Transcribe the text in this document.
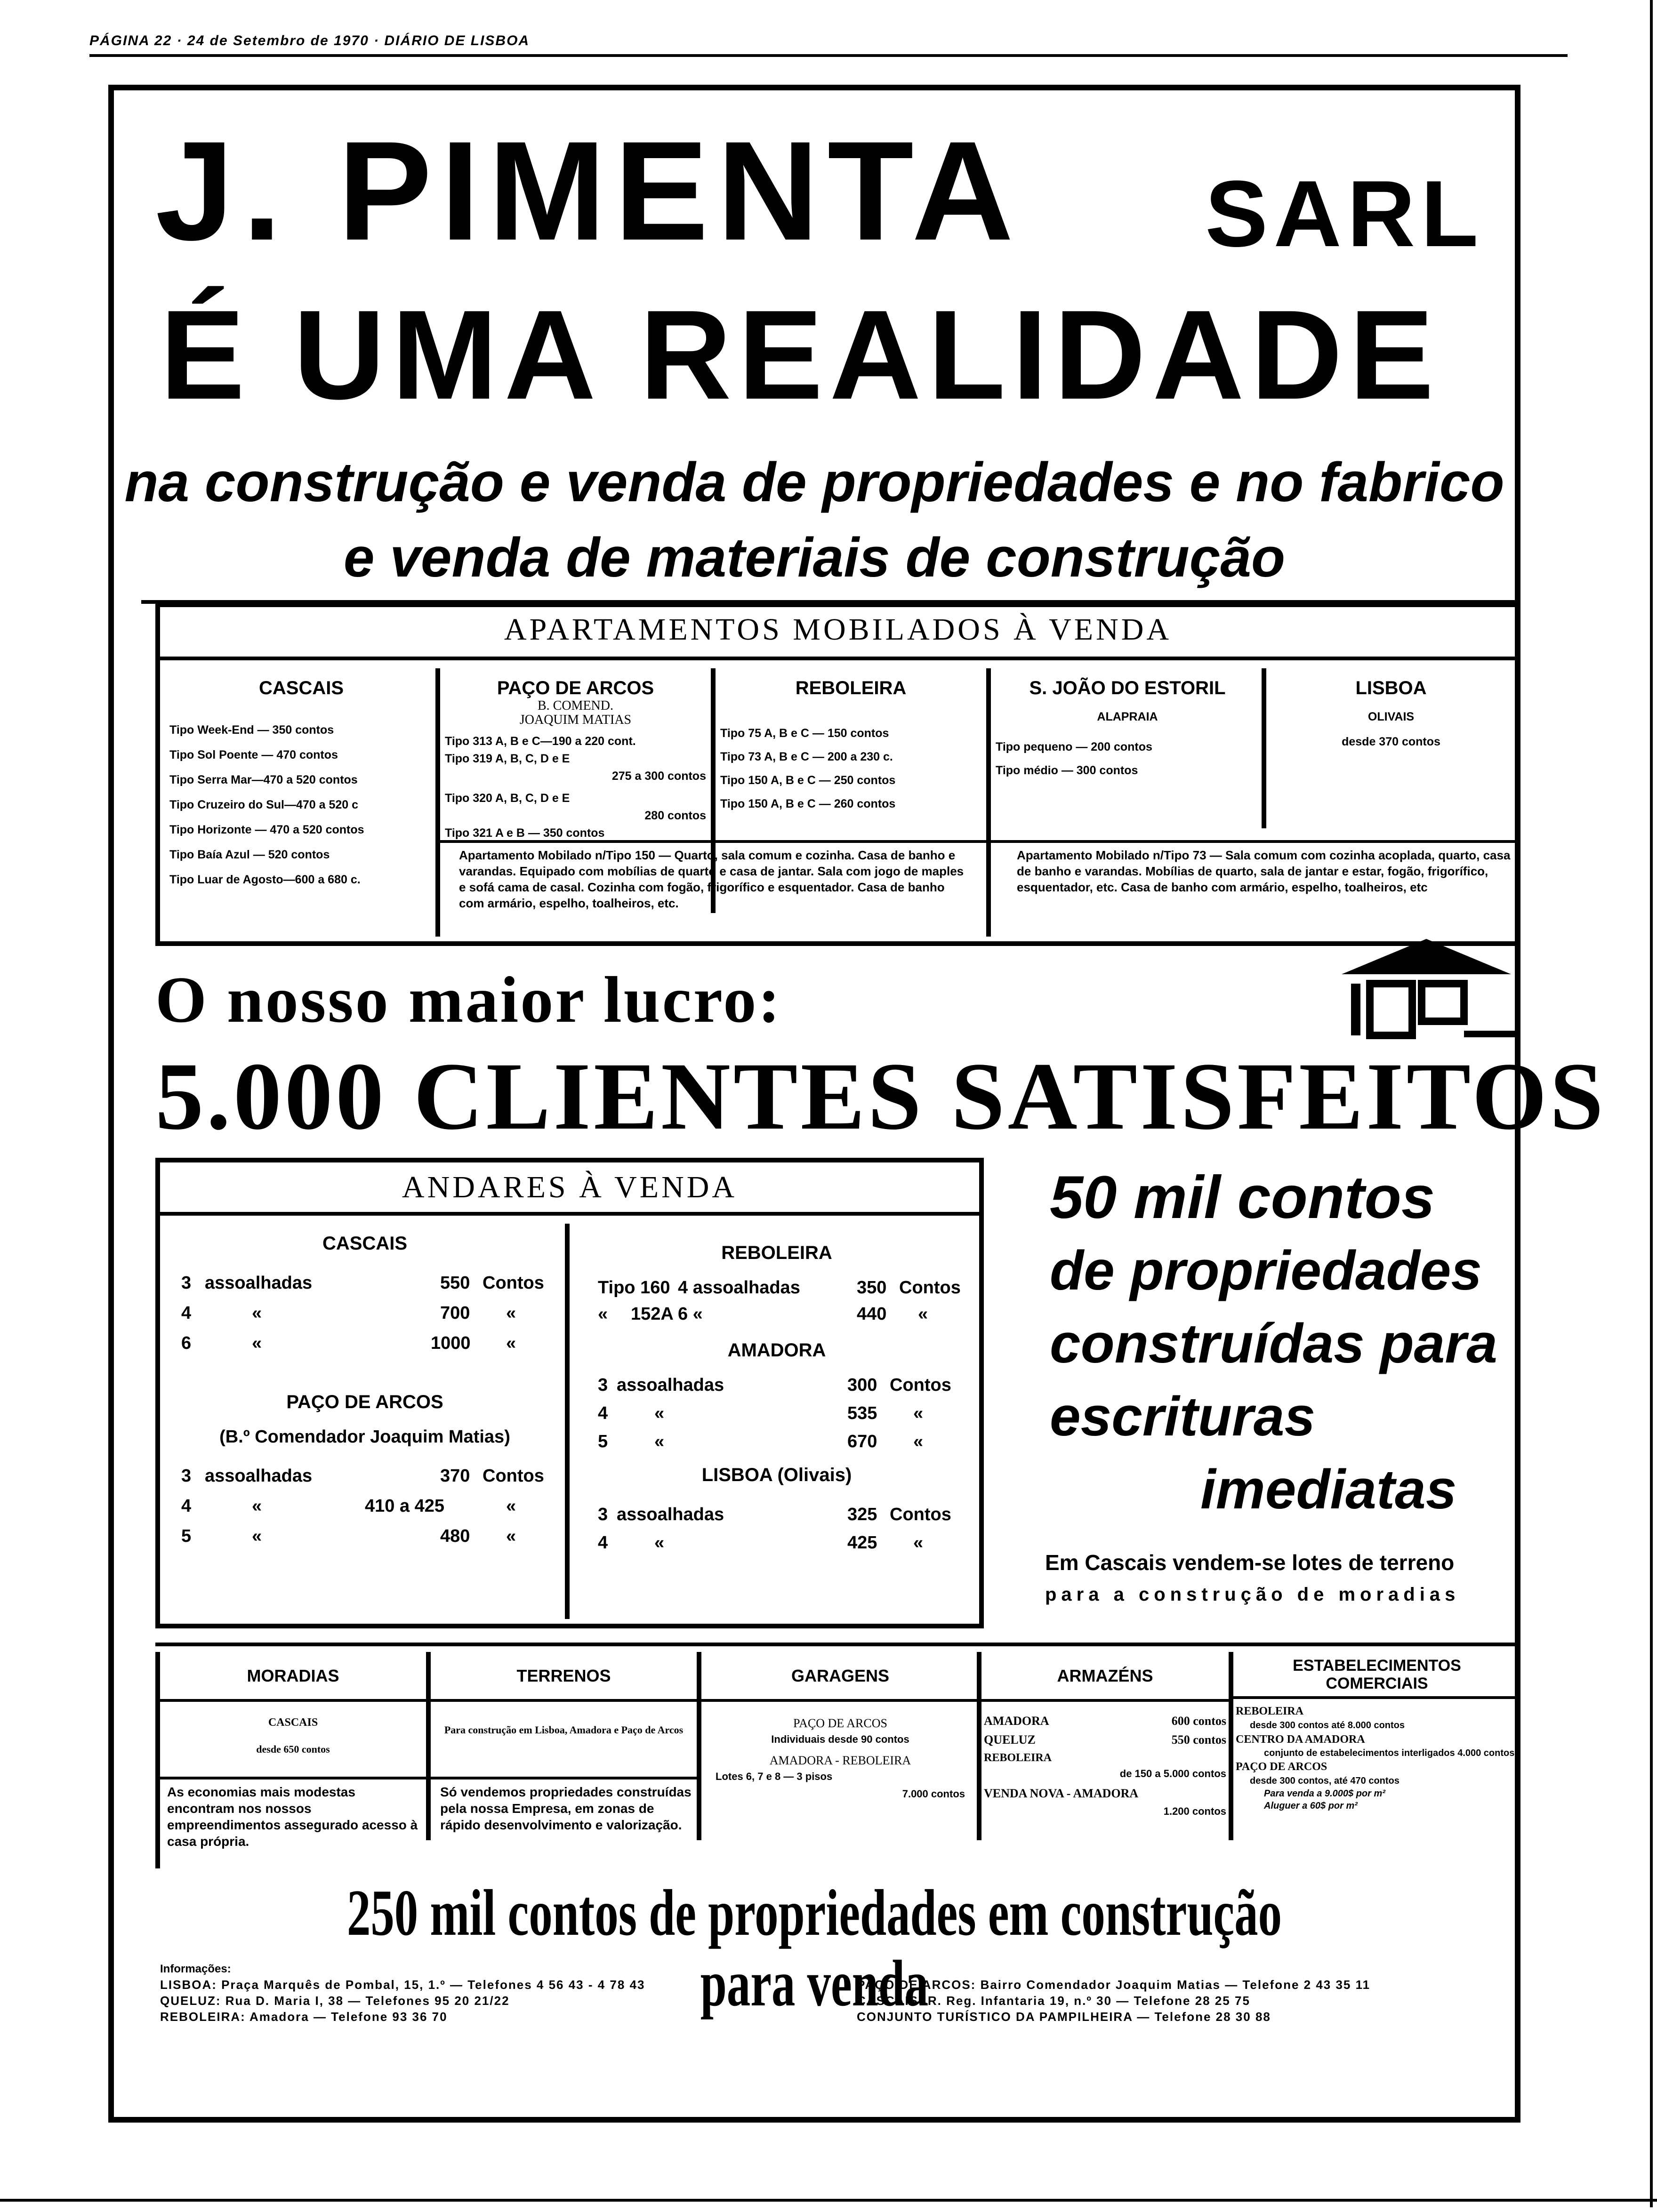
PÁGINA 22 · 24 de Setembro de 1970 · DIÁRIO DE LISBOA
J. PIMENTA SARL
É UMA REALIDADE
na construção e venda de propriedades e no fabrico
e venda de materiais de construção
APARTAMENTOS MOBILADOS À VENDA
CASCAIS
Tipo Week-End — 350 contos
Tipo Sol Poente — 470 contos
Tipo Serra Mar—470 a 520 contos
Tipo Cruzeiro do Sul—470 a 520 c
Tipo Horizonte — 470 a 520 contos
Tipo Baía Azul — 520 contos
Tipo Luar de Agosto—600 a 680 c.
PAÇO DE ARCOS
B. COMEND.
JOAQUIM MATIAS
Tipo 313 A, B e C—190 a 220 cont.
Tipo 319 A, B, C, D e E
275 a 300 contos
Tipo 320 A, B, C, D e E
280 contos
Tipo 321 A e B — 350 contos
REBOLEIRA
Tipo 75 A, B e C — 150 contos
Tipo 73 A, B e C — 200 a 230 c.
Tipo 150 A, B e C — 250 contos
Tipo 150 A, B e C — 260 contos
S. JOÃO DO ESTORIL
ALAPRAIA
Tipo pequeno — 200 contos
Tipo médio — 300 contos
LISBOA
OLIVAIS
desde 370 contos
Apartamento Mobilado n/Tipo 150 — Quarto, sala comum e cozinha. Casa de banho e varandas. Equipado com mobílias de quarto e casa de jantar. Sala com jogo de maples e sofá cama de casal. Cozinha com fogão, frigorífico e esquentador. Casa de banho com armário, espelho, toalheiros, etc.
Apartamento Mobilado n/Tipo 73 — Sala comum com cozinha acoplada, quarto, casa de banho e varandas. Mobílias de quarto, sala de jantar e estar, fogão, frigorífico, esquentador, etc. Casa de banho com armário, espelho, toalheiros, etc
O nosso maior lucro:
5.000 CLIENTES SATISFEITOS
ANDARES À VENDA
CASCAIS
3 assoalhadas	550 Contos
4	«	700 «
6	«	1000 «
PAÇO DE ARCOS
(B.º Comendador Joaquim Matias)
3 assoalhadas	370 Contos
4	«	410 a 425	«
5	«	480 «
REBOLEIRA
Tipo 160 4 assoalhadas	350 Contos
« 152A 6 «	440 «
AMADORA
3 assoalhadas	300 Contos
4	«	535 «
5	«	670 «
LISBOA (Olivais)
3 assoalhadas	325 Contos
4	«	425 «
50 mil contos
de propriedades
construídas para
escrituras
imediatas
Em Cascais vendem-se lotes de terreno
para a construção de moradias
MORADIAS
CASCAIS
desde 650 contos
As economias mais modestas encontram nos nossos empreendimentos assegurado acesso à casa própria.
TERRENOS
Para construção em Lisboa, Amadora e Paço de Arcos
Só vendemos propriedades construídas pela nossa Empresa, em zonas de rápido desenvolvimento e valorização.
GARAGENS
PAÇO DE ARCOS
Individuais desde 90 contos
AMADORA - REBOLEIRA
Lotes 6, 7 e 8 — 3 pisos
7.000 contos
ARMAZÉNS
AMADORA	600 contos
QUELUZ	550 contos
REBOLEIRA
de 150 a 5.000 contos
VENDA NOVA - AMADORA
1.200 contos
ESTABELECIMENTOS
COMERCIAIS
REBOLEIRA
desde 300 contos até 8.000 contos
CENTRO DA AMADORA
conjunto de estabelecimentos interligados 4.000 contos
PAÇO DE ARCOS
desde 300 contos, até 470 contos
Para venda a 9.000$ por m²
Aluguer a 60$ por m²
250 mil contos de propriedades em construção para venda
Informações:
LISBOA: Praça Marquês de Pombal, 15, 1.º — Telefones 4 56 43 - 4 78 43
QUELUZ: Rua D. Maria I, 38 — Telefones 95 20 21/22
REBOLEIRA: Amadora — Telefone 93 36 70
PAÇO DE ARCOS: Bairro Comendador Joaquim Matias — Telefone 2 43 35 11
CASCAIS: R. Reg. Infantaria 19, n.º 30 — Telefone 28 25 75
CONJUNTO TURÍSTICO DA PAMPILHEIRA — Telefone 28 30 88
